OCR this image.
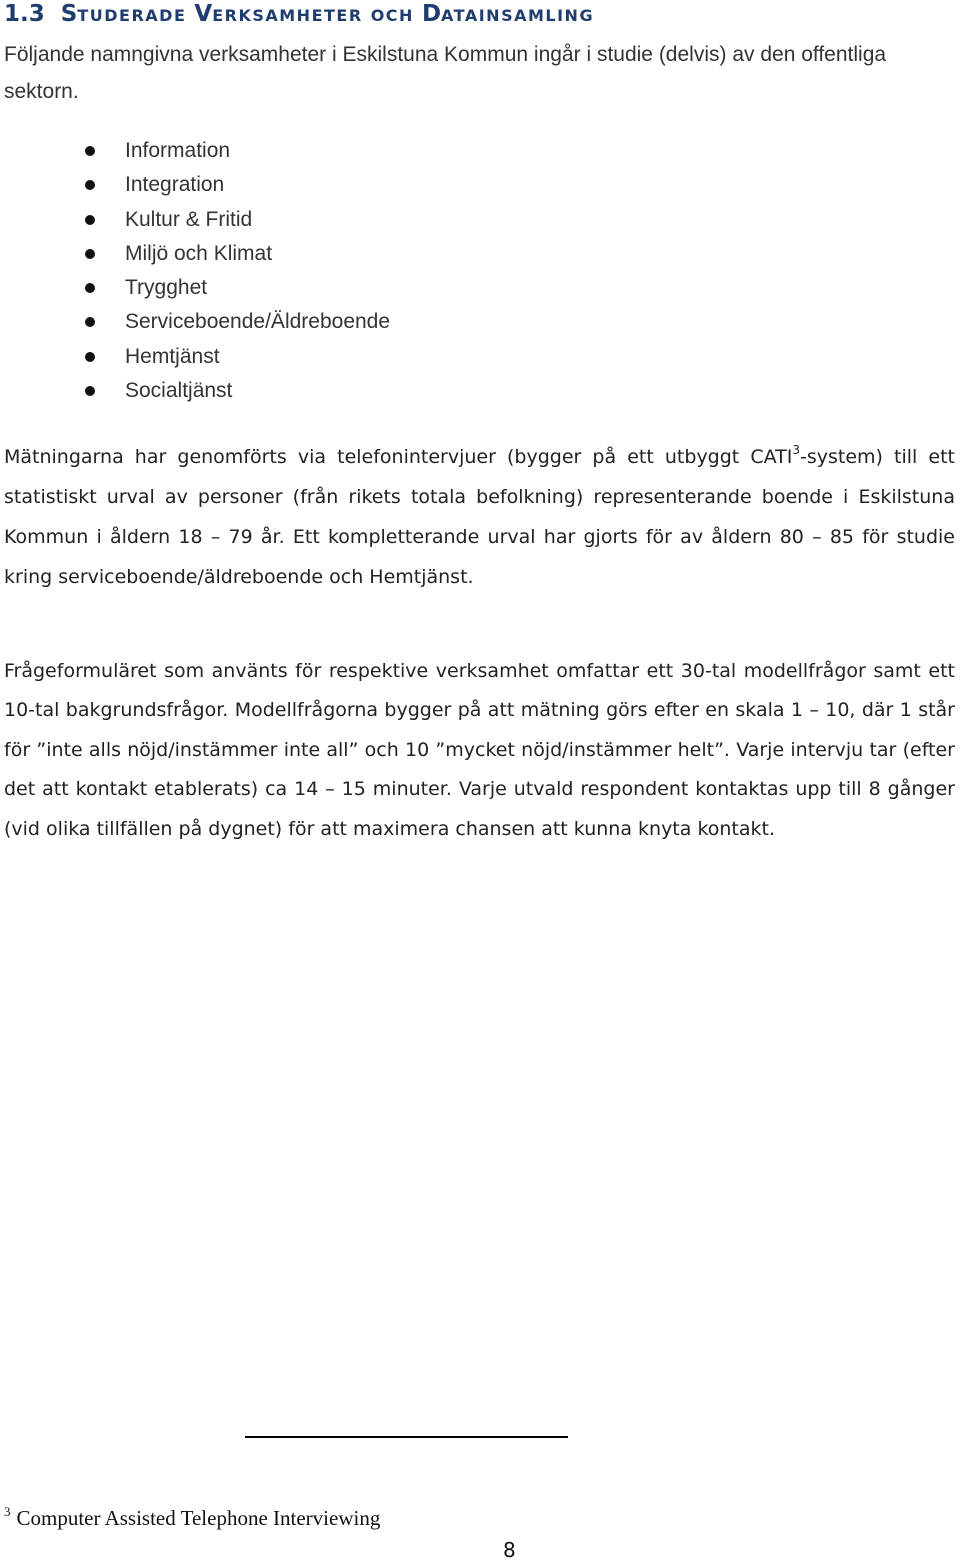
1.3 STUDERADE VERKSAMHETER OCH DATAINSAMLING

Följande namngivna verksamheter i Eskilstuna Kommun ingår i studie (delvis) av den offentliga sektorn.

Information
Integration
Kultur & Fritid
Miljö och Klimat
Trygghet
Serviceboende/Äldreboende
Hemtjänst
Socialtjänst

Mätningarna har genomförts via telefonintervjuer (bygger på ett utbyggt CATI$^3$-system) till ett statistiskt urval av personer (från rikets totala befolkning) representerande boende i Eskilstuna Kommun i åldern 18 – 79 år. Ett kompletterande urval har gjorts för av åldern 80 – 85 för studie kring serviceboende/äldreboende och Hemtjänst.

Frågeformuläret som använts för respektive verksamhet omfattar ett 30-tal modellfrågor samt ett 10-tal bakgrundsfrågor. Modellfrågorna bygger på att mätning görs efter en skala 1 – 10, där 1 står för ”inte alls nöjd/instämmer inte all” och 10 ”mycket nöjd/instämmer helt”. Varje intervju tar (efter det att kontakt etablerats) ca 14 – 15 minuter. Varje utvald respondent kontaktas upp till 8 gånger (vid olika tillfällen på dygnet) för att maximera chansen att kunna knyta kontakt.

$^3$ Computer Assisted Telephone Interviewing

8
